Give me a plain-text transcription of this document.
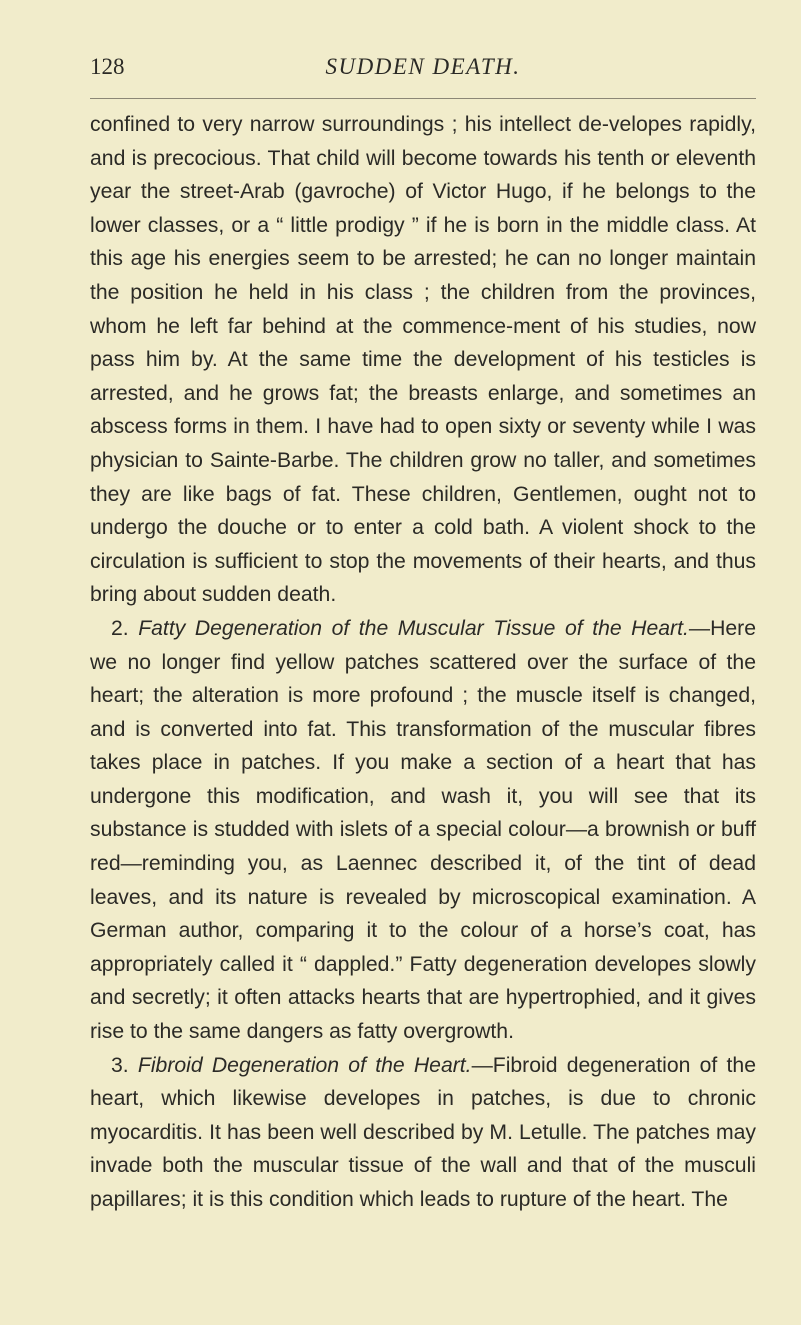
128	SUDDEN DEATH.

confined to very narrow surroundings ; his intellect de-velopes rapidly, and is precocious. That child will become towards his tenth or eleventh year the street-Arab (gavroche) of Victor Hugo, if he belongs to the lower classes, or a “ little prodigy ” if he is born in the middle class. At this age his energies seem to be arrested; he can no longer maintain the position he held in his class ; the children from the provinces, whom he left far behind at the commence-ment of his studies, now pass him by. At the same time the development of his testicles is arrested, and he grows fat; the breasts enlarge, and sometimes an abscess forms in them. I have had to open sixty or seventy while I was physician to Sainte-Barbe. The children grow no taller, and sometimes they are like bags of fat. These children, Gentlemen, ought not to undergo the douche or to enter a cold bath. A violent shock to the circulation is sufficient to stop the movements of their hearts, and thus bring about sudden death.

2. Fatty Degeneration of the Muscular Tissue of the Heart.—Here we no longer find yellow patches scattered over the surface of the heart; the alteration is more profound ; the muscle itself is changed, and is converted into fat. This transformation of the muscular fibres takes place in patches. If you make a section of a heart that has undergone this modification, and wash it, you will see that its substance is studded with islets of a special colour—a brownish or buff red—reminding you, as Laennec described it, of the tint of dead leaves, and its nature is revealed by microscopical examination. A German author, comparing it to the colour of a horse’s coat, has appropriately called it “ dappled.” Fatty degeneration developes slowly and secretly; it often attacks hearts that are hypertrophied, and it gives rise to the same dangers as fatty overgrowth.

3. Fibroid Degeneration of the Heart.—Fibroid degeneration of the heart, which likewise developes in patches, is due to chronic myocarditis. It has been well described by M. Letulle. The patches may invade both the muscular tissue of the wall and that of the musculi papillares; it is this condition which leads to rupture of the heart. The
